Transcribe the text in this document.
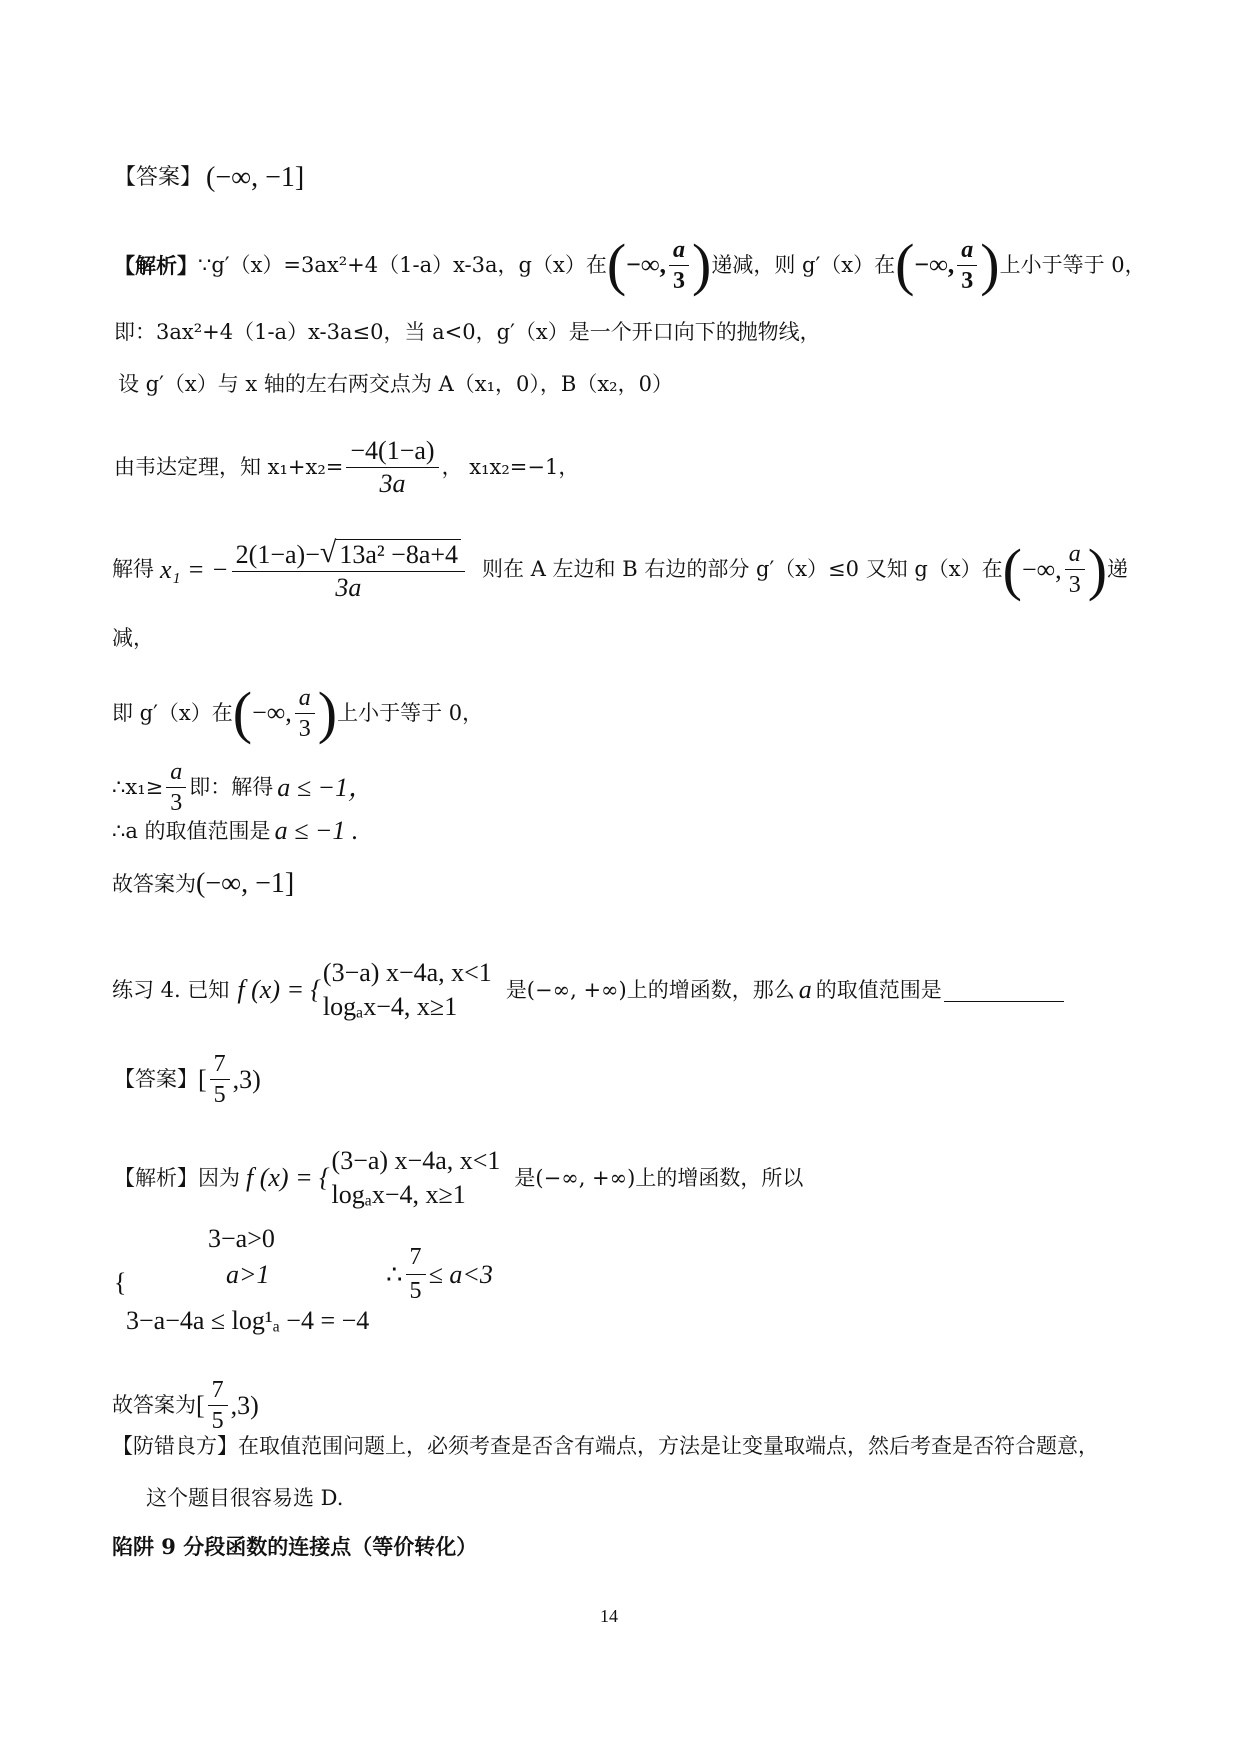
【答案】 (−∞, −1]
【解析】 ∵g′（x）=3ax²+4（1-a）x-3a，g（x）在 ( −∞, $\frac{a}{3}$ ) 递减，则 g′（x）在 ( −∞, $\frac{a}{3}$ ) 上小于等于 0，
即：3ax²+4（1-a）x-3a≤0，当 a<0，g′（x）是一个开口向下的抛物线，
设 g′（x）与 x 轴的左右两交点为 A（x₁，0），B（x₂，0）
由韦达定理，知 $x_1+x_2= \frac{-4(1-a)}{3a}$ ， x₁x₂=−1，
解得 x₁ = − $\frac{\text{2(1−a)− √ 13a² −8a+4}}{3a}$ 则在 A 左边和 B 右边的部分 g′（x）≤0 又知 g（x）在 ( −∞, $\frac{a}{3}$ ) 递
减，
即 g′（x）在 ( −∞, $\frac{a}{3}$ ) 上小于等于 0，
∴x₁≥ $\frac{a}{3}$ 即：解得 a ≤ −1，
∴a 的取值范围是 a ≤ −1 .
故答案为 (−∞, −1]
练习 4. 已知 f (x) = {
(3−a) x−4a, x<1
logₐx−4, x≥1
是(−∞, +∞)上的增函数，那么 a 的取值范围是
【答案】 [ $\frac{7}{5} ,3$)
【解析】 因为 f (x) = {
(3−a) x−4a, x<1
logₐx−4, x≥1
是(−∞, +∞)上的增函数，所以
{
3−a>0
a>1
3−a−4a ≤ log¹ₐ −4 = −4
∴ $\frac{7}{5} \le a<3$
故答案为 [ $\frac{7}{5} ,3$)
【防错良方】 在取值范围问题上，必须考查是否含有端点，方法是让变量取端点，然后考查是否符合题意，
这个题目很容易选 D.
陷阱 9 分段函数的连接点（等价转化）
14
